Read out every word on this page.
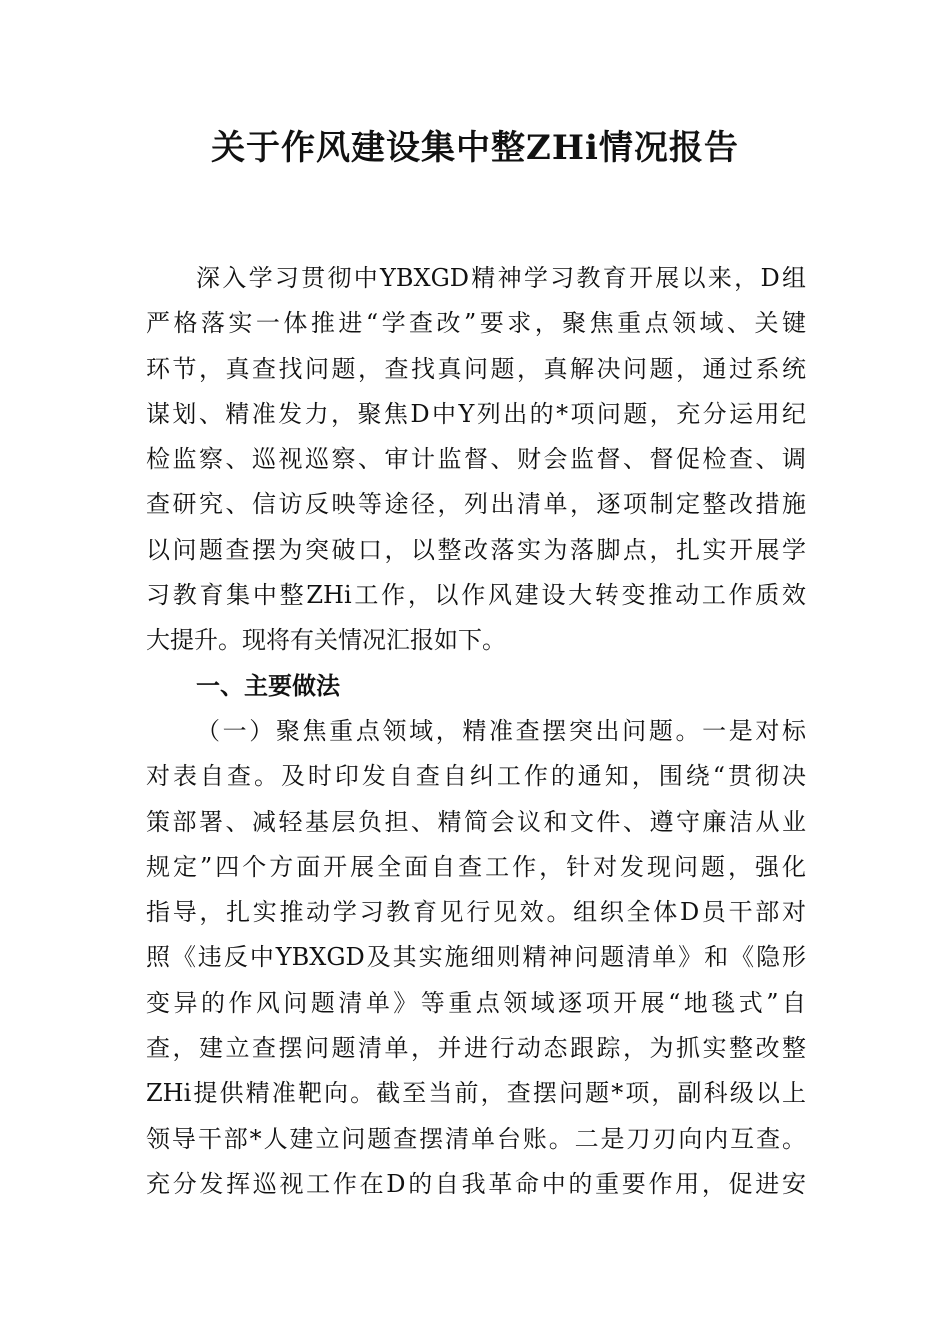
关于作风建设集中整ZHi情况报告
深入学习贯彻中YBXGD精神学习教育开展以来，D组
严格落实一体推进“学查改”要求，聚焦重点领域、关键
环节，真查找问题，查找真问题，真解决问题，通过系统
谋划、精准发力，聚焦D中Y列出的*项问题，充分运用纪
检监察、巡视巡察、审计监督、财会监督、督促检查、调
查研究、信访反映等途径，列出清单，逐项制定整改措施
以问题查摆为突破口，以整改落实为落脚点，扎实开展学
习教育集中整ZHi工作，以作风建设大转变推动工作质效
大提升。现将有关情况汇报如下。
一、主要做法
（一）聚焦重点领域，精准查摆突出问题。一是对标
对表自查。及时印发自查自纠工作的通知，围绕“贯彻决
策部署、减轻基层负担、精简会议和文件、遵守廉洁从业
规定”四个方面开展全面自查工作，针对发现问题，强化
指导，扎实推动学习教育见行见效。组织全体D员干部对
照《违反中YBXGD及其实施细则精神问题清单》和《隐形
变异的作风问题清单》等重点领域逐项开展“地毯式”自
查，建立查摆问题清单，并进行动态跟踪，为抓实整改整
ZHi提供精准靶向。截至当前，查摆问题*项，副科级以上
领导干部*人建立问题查摆清单台账。二是刀刃向内互查。
充分发挥巡视工作在D的自我革命中的重要作用，促进安
